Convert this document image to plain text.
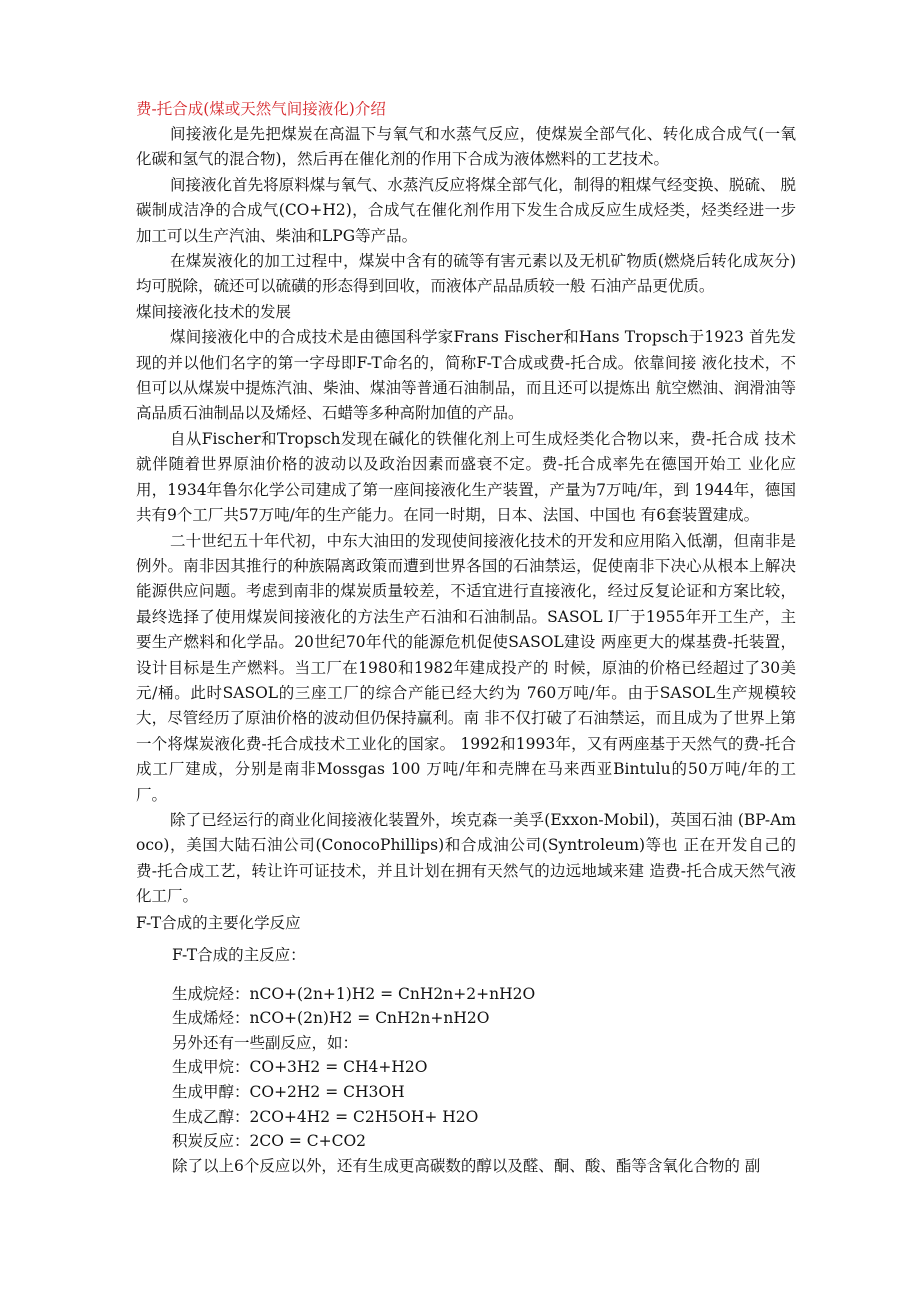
费-托合成(煤或天然气间接液化)介绍

间接液化是先把煤炭在高温下与氧气和水蒸气反应，使煤炭全部气化、转化成合成气(一氧化碳和氢气的混合物)，然后再在催化剂的作用下合成为液体燃料的工艺技术。

间接液化首先将原料煤与氧气、水蒸汽反应将煤全部气化，制得的粗煤气经变换、脱硫、 脱碳制成洁净的合成气(CO+H2)，合成气在催化剂作用下发生合成反应生成烃类，烃类经进一步加工可以生产汽油、柴油和LPG等产品。

在煤炭液化的加工过程中，煤炭中含有的硫等有害元素以及无机矿物质(燃烧后转化成灰分)均可脱除，硫还可以硫磺的形态得到回收，而液体产品品质较一般 石油产品更优质。

煤间接液化技术的发展

煤间接液化中的合成技术是由德国科学家Frans Fischer和Hans Tropsch于1923 首先发现的并以他们名字的第一字母即F-T命名的，简称F-T合成或费-托合成。依靠间接 液化技术，不但可以从煤炭中提炼汽油、柴油、煤油等普通石油制品，而且还可以提炼出 航空燃油、润滑油等高品质石油制品以及烯烃、石蜡等多种高附加值的产品。

自从Fischer和Tropsch发现在碱化的铁催化剂上可生成烃类化合物以来，费-托合成 技术就伴随着世界原油价格的波动以及政治因素而盛衰不定。费-托合成率先在德国开始工 业化应用，1934年鲁尔化学公司建成了第一座间接液化生产装置，产量为7万吨/年，到 1944年，德国共有9个工厂共57万吨/年的生产能力。在同一时期，日本、法国、中国也 有6套装置建成。

二十世纪五十年代初，中东大油田的发现使间接液化技术的开发和应用陷入低潮，但南非是例外。南非因其推行的种族隔离政策而遭到世界各国的石油禁运，促使南非下决心从根本上解决能源供应问题。考虑到南非的煤炭质量较差，不适宜进行直接液化，经过反复论证和方案比较，最终选择了使用煤炭间接液化的方法生产石油和石油制品。SASOL I厂于1955年开工生产，主要生产燃料和化学品。20世纪70年代的能源危机促使SASOL建设 两座更大的煤基费-托装置，设计目标是生产燃料。当工厂在1980和1982年建成投产的 时候，原油的价格已经超过了30美元/桶。此时SASOL的三座工厂的综合产能已经大约为 760万吨/年。由于SASOL生产规模较大，尽管经历了原油价格的波动但仍保持赢利。南 非不仅打破了石油禁运，而且成为了世界上第一个将煤炭液化费-托合成技术工业化的国家。 1992和1993年，又有两座基于天然气的费-托合成工厂建成，分别是南非Mossgas 100 万吨/年和壳牌在马来西亚Bintulu的50万吨/年的工厂。

除了已经运行的商业化间接液化装置外，埃克森一美孚(Exxon-Mobil)，英国石油 (BP-Amoco)，美国大陆石油公司(ConocoPhillips)和合成油公司(Syntroleum)等也 正在开发自己的费-托合成工艺，转让许可证技术，并且计划在拥有天然气的边远地域来建 造费-托合成天然气液化工厂。

F-T合成的主要化学反应

F-T合成的主反应：

生成烷烃：nCO+(2n+1)H2 = CnH2n+2+nH2O

生成烯烃：nCO+(2n)H2 = CnH2n+nH2O

另外还有一些副反应，如：

生成甲烷：CO+3H2 = CH4+H2O

生成甲醇：CO+2H2 = CH3OH

生成乙醇：2CO+4H2 = C2H5OH+ H2O

积炭反应：2CO = C+CO2

除了以上6个反应以外，还有生成更高碳数的醇以及醛、酮、酸、酯等含氧化合物的 副
